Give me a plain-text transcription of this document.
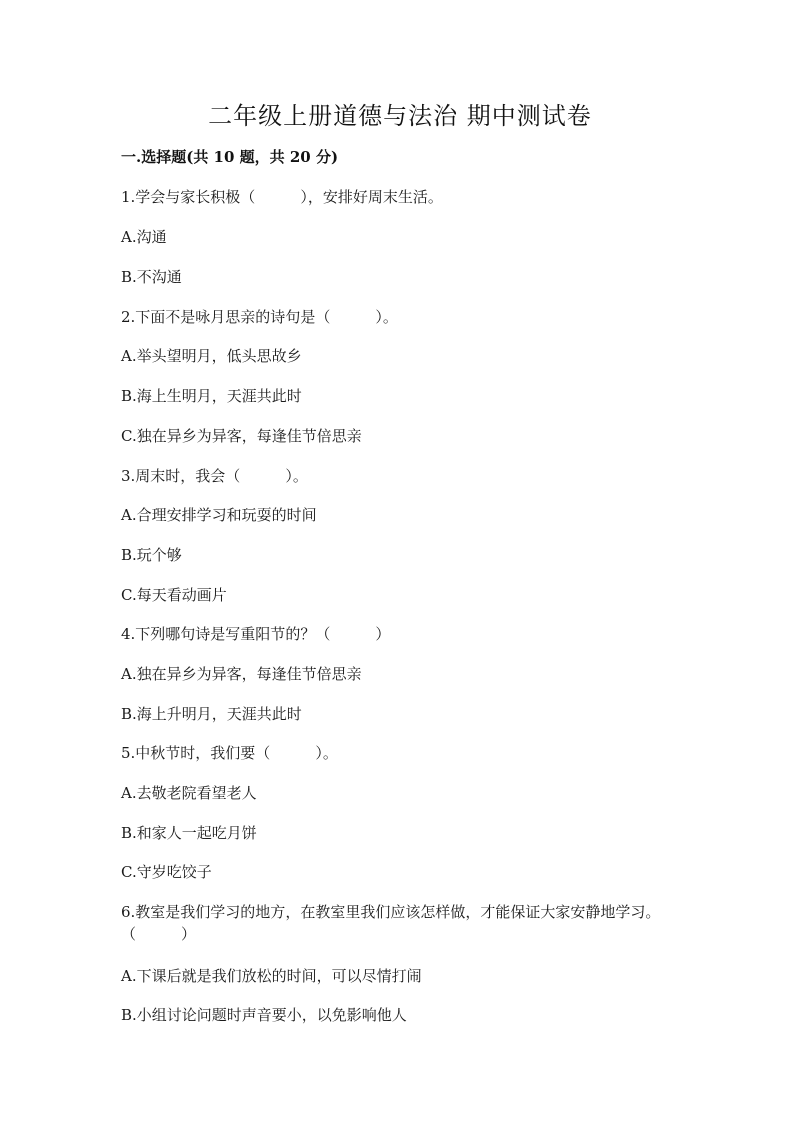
二年级上册道德与法治 期中测试卷
一.选择题(共 10 题，共 20 分)
1.学会与家长积极（　　　），安排好周末生活。
A.沟通
B.不沟通
2.下面不是咏月思亲的诗句是（　　　）。
A.举头望明月，低头思故乡
B.海上生明月，天涯共此时
C.独在异乡为异客，每逢佳节倍思亲
3.周末时，我会（　　　）。
A.合理安排学习和玩耍的时间
B.玩个够
C.每天看动画片
4.下列哪句诗是写重阳节的？（　　　）
A.独在异乡为异客，每逢佳节倍思亲
B.海上升明月，天涯共此时
5.中秋节时，我们要（　　　）。
A.去敬老院看望老人
B.和家人一起吃月饼
C.守岁吃饺子
6.教室是我们学习的地方，在教室里我们应该怎样做，才能保证大家安静地学习。（　　　）
A.下课后就是我们放松的时间，可以尽情打闹
B.小组讨论问题时声音要小，以免影响他人
